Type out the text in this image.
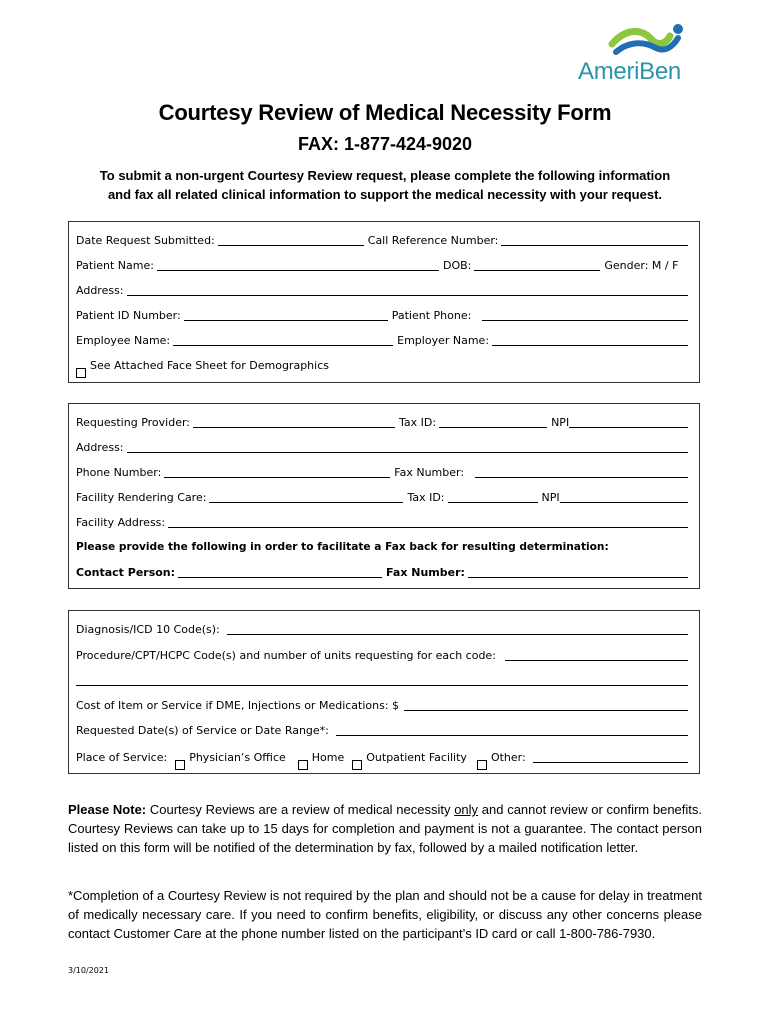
AmeriBen
Courtesy Review of Medical Necessity Form
FAX: 1-877-424-9020
To submit a non-urgent Courtesy Review request, please complete the following information
and fax all related clinical information to support the medical necessity with your request.
Date Request Submitted:	Call Reference Number:
Patient Name:	DOB:	Gender: M / F
Address:
Patient ID Number:	Patient Phone:
Employee Name:	Employer Name:
See Attached Face Sheet for Demographics
Requesting Provider:	Tax ID:	NPI
Address:
Phone Number:	Fax Number:
Facility Rendering Care:	Tax ID:	NPI
Facility Address:
Please provide the following in order to facilitate a Fax back for resulting determination:
Contact Person:	Fax Number:
Diagnosis/ICD 10 Code(s):
Procedure/CPT/HCPC Code(s) and number of units requesting for each code:
Cost of Item or Service if DME, Injections or Medications: $
Requested Date(s) of Service or Date Range*:
Place of Service:	Physician’s Office	Home	Outpatient Facility	Other:
Please Note: Courtesy Reviews are a review of medical necessity only and cannot review or confirm benefits. Courtesy Reviews can take up to 15 days for completion and payment is not a guarantee. The contact person listed on this form will be notified of the determination by fax, followed by a mailed notification letter.
*Completion of a Courtesy Review is not required by the plan and should not be a cause for delay in treatment of medically necessary care. If you need to confirm benefits, eligibility, or discuss any other concerns please contact Customer Care at the phone number listed on the participant’s ID card or call 1-800-786-7930.
3/10/2021
